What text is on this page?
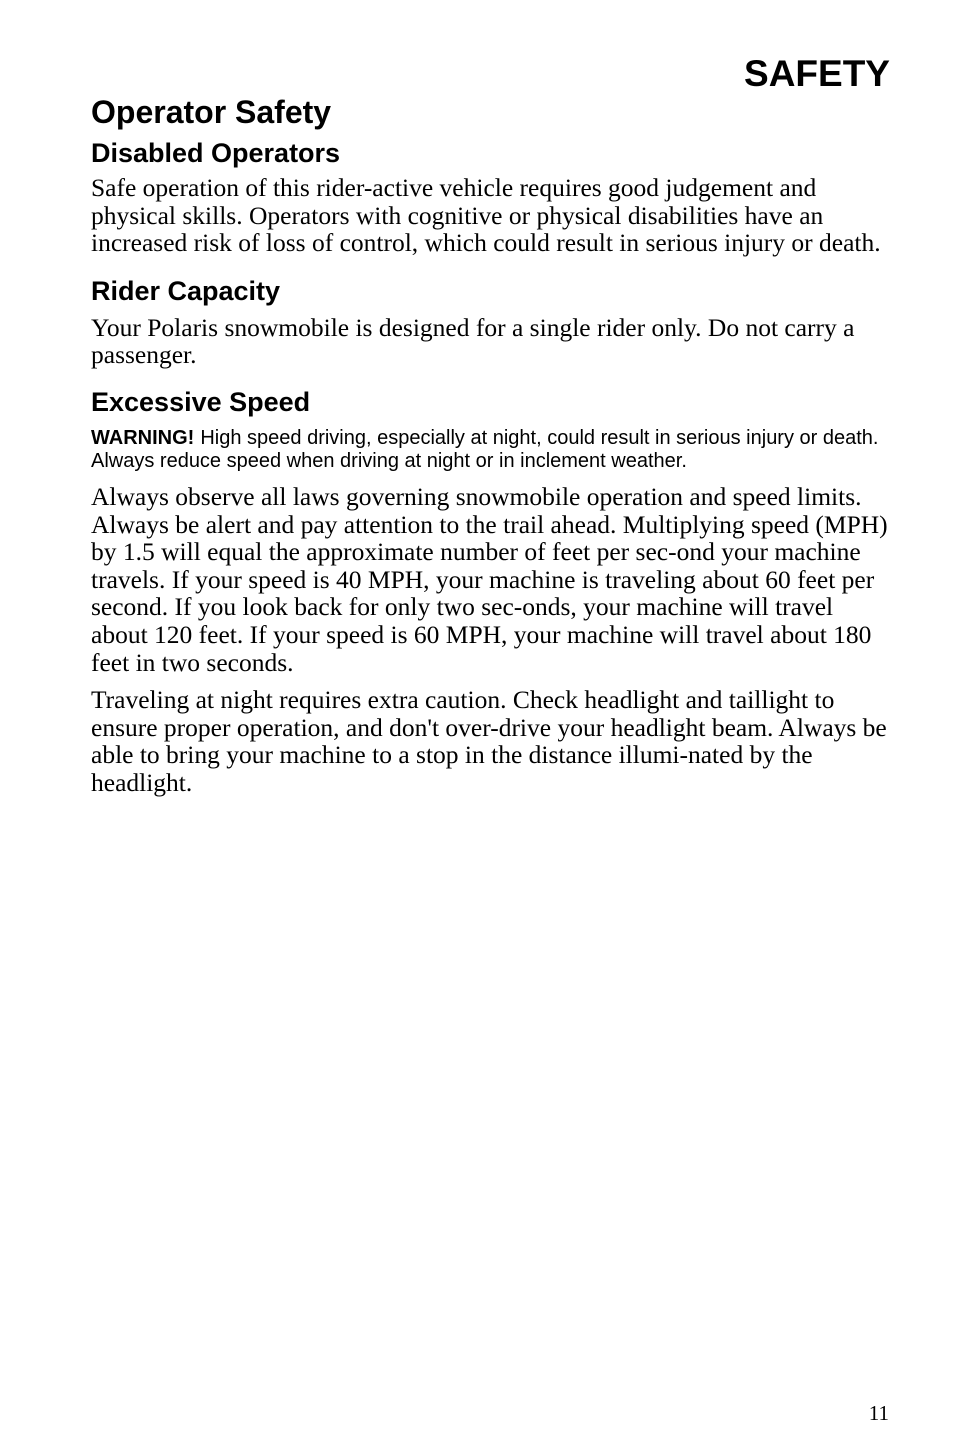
SAFETY
Operator Safety
Disabled Operators

Safe operation of this rider-active vehicle requires good judgement and physical skills. Operators with cognitive or physical disabilities have an increased risk of loss of control, which could result in serious injury or death.

Rider Capacity

Your Polaris snowmobile is designed for a single rider only. Do not carry a passenger.

Excessive Speed

WARNING! High speed driving, especially at night, could result in serious injury or death. Always reduce speed when driving at night or in inclement weather.

Always observe all laws governing snowmobile operation and speed limits. Always be alert and pay attention to the trail ahead. Multiplying speed (MPH) by 1.5 will equal the approximate number of feet per sec-ond your machine travels. If your speed is 40 MPH, your machine is traveling about 60 feet per second. If you look back for only two sec-onds, your machine will travel about 120 feet. If your speed is 60 MPH, your machine will travel about 180 feet in two seconds.

Traveling at night requires extra caution. Check headlight and taillight to ensure proper operation, and don't over-drive your headlight beam. Always be able to bring your machine to a stop in the distance illumi-nated by the headlight.

11
